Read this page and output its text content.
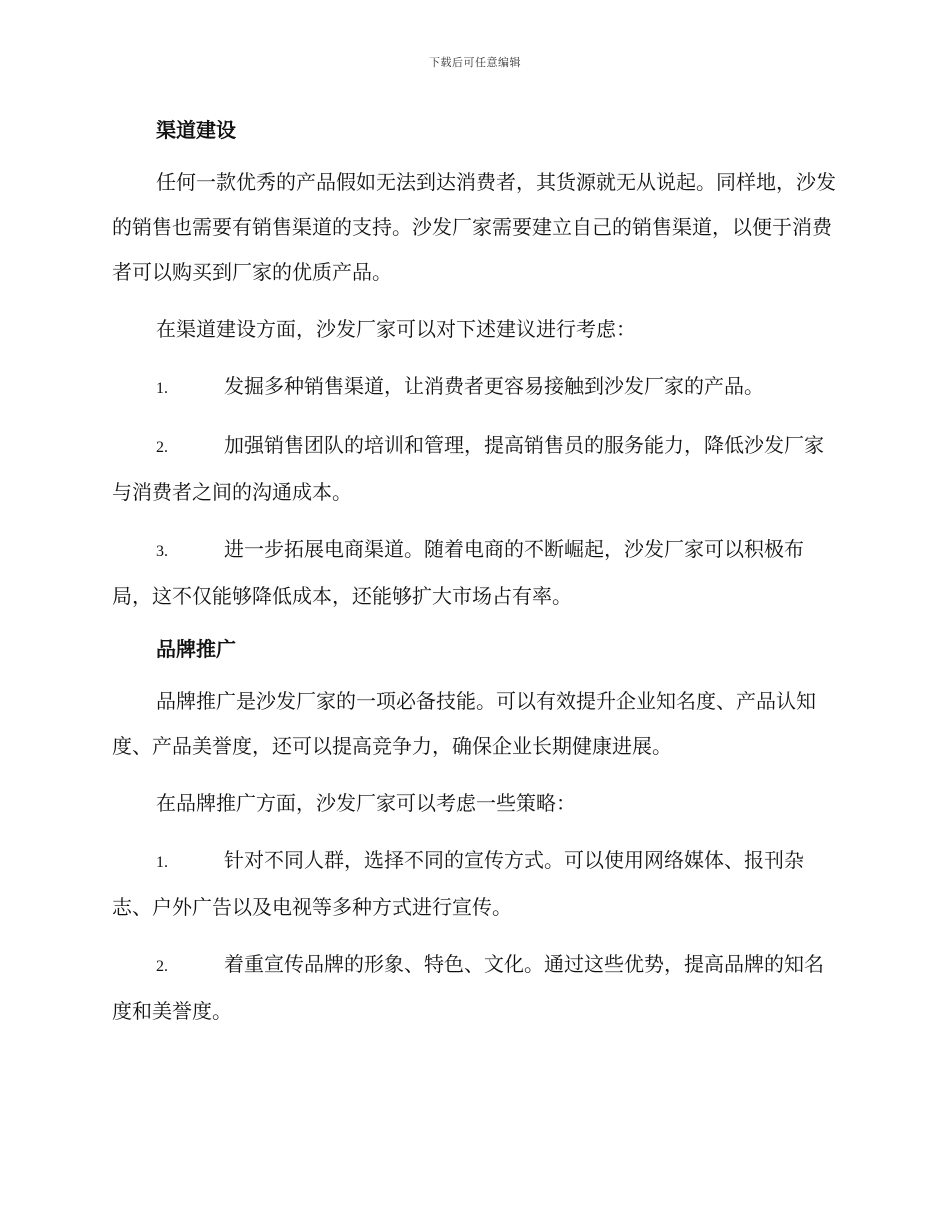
下载后可任意编辑
渠道建设

任何一款优秀的产品假如无法到达消费者，其货源就无从说起。同样地，沙发的销售也需要有销售渠道的支持。沙发厂家需要建立自己的销售渠道，以便于消费者可以购买到厂家的优质产品。

在渠道建设方面，沙发厂家可以对下述建议进行考虑：

1.	发掘多种销售渠道，让消费者更容易接触到沙发厂家的产品。

2.	加强销售团队的培训和管理，提高销售员的服务能力，降低沙发厂家与消费者之间的沟通成本。

3.	进一步拓展电商渠道。随着电商的不断崛起，沙发厂家可以积极布局，这不仅能够降低成本，还能够扩大市场占有率。

品牌推广

品牌推广是沙发厂家的一项必备技能。可以有效提升企业知名度、产品认知度、产品美誉度，还可以提高竞争力，确保企业长期健康进展。

在品牌推广方面，沙发厂家可以考虑一些策略：

1.	针对不同人群，选择不同的宣传方式。可以使用网络媒体、报刊杂志、户外广告以及电视等多种方式进行宣传。

2.	着重宣传品牌的形象、特色、文化。通过这些优势，提高品牌的知名度和美誉度。
